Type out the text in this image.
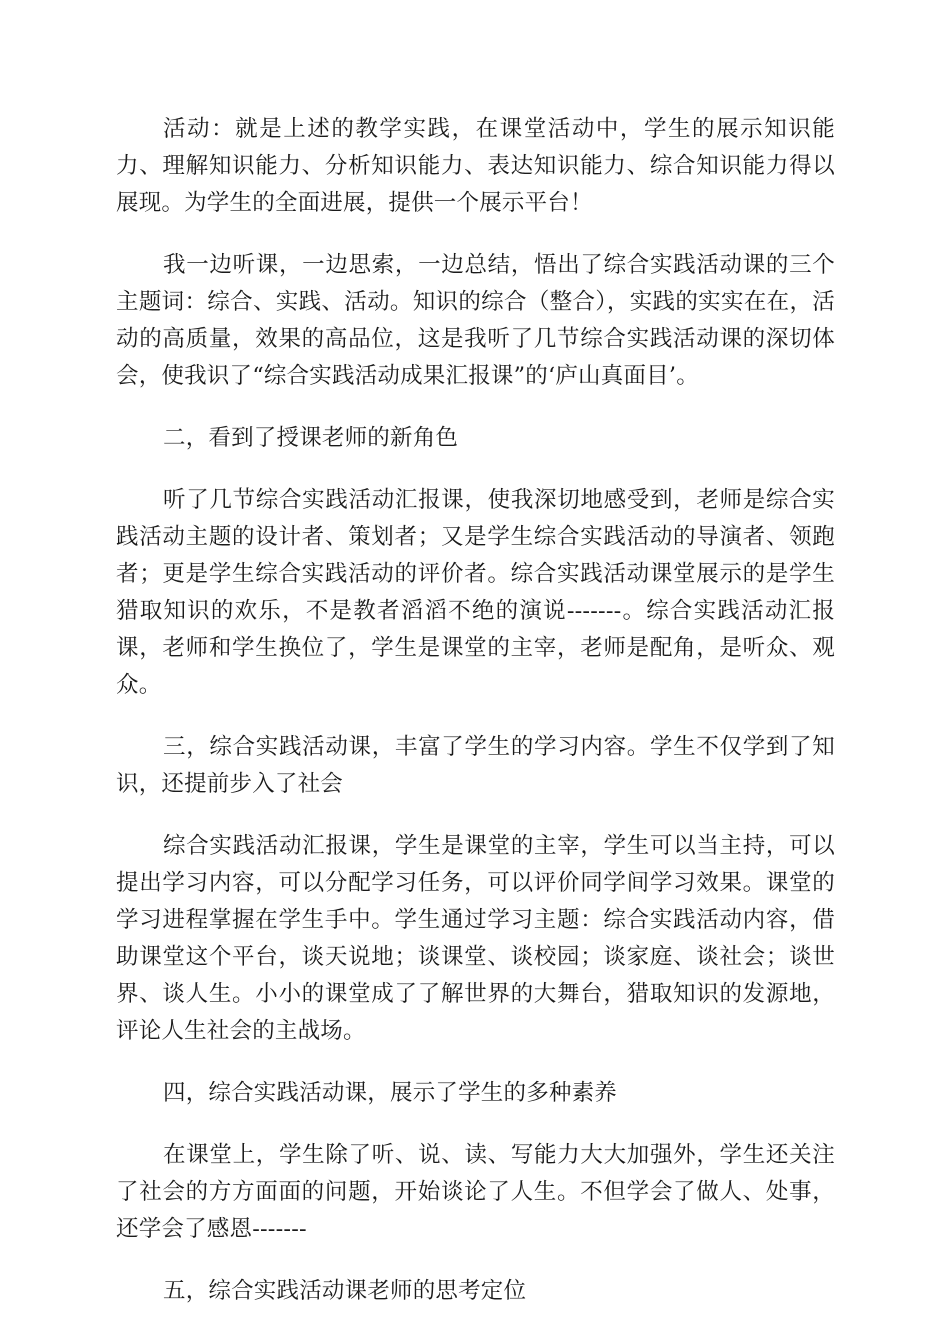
活动：就是上述的教学实践，在课堂活动中，学生的展示知识能力、理解知识能力、分析知识能力、表达知识能力、综合知识能力得以展现。为学生的全面进展，提供一个展示平台！

我一边听课，一边思索，一边总结，悟出了综合实践活动课的三个主题词：综合、实践、活动。知识的综合（整合），实践的实实在在，活动的高质量，效果的高品位，这是我听了几节综合实践活动课的深切体会，使我识了“综合实践活动成果汇报课”的‘庐山真面目’。

二，看到了授课老师的新角色

听了几节综合实践活动汇报课，使我深切地感受到，老师是综合实践活动主题的设计者、策划者；又是学生综合实践活动的导演者、领跑者；更是学生综合实践活动的评价者。综合实践活动课堂展示的是学生猎取知识的欢乐，不是教者滔滔不绝的演说-------。综合实践活动汇报课，老师和学生换位了，学生是课堂的主宰，老师是配角，是听众、观众。

三，综合实践活动课，丰富了学生的学习内容。学生不仅学到了知识，还提前步入了社会

综合实践活动汇报课，学生是课堂的主宰，学生可以当主持，可以提出学习内容，可以分配学习任务，可以评价同学间学习效果。课堂的学习进程掌握在学生手中。学生通过学习主题：综合实践活动内容，借助课堂这个平台，谈天说地；谈课堂、谈校园；谈家庭、谈社会；谈世界、谈人生。小小的课堂成了了解世界的大舞台，猎取知识的发源地，评论人生社会的主战场。

四，综合实践活动课，展示了学生的多种素养

在课堂上，学生除了听、说、读、写能力大大加强外，学生还关注了社会的方方面面的问题，开始谈论了人生。不但学会了做人、处事，还学会了感恩-------

五，综合实践活动课老师的思考定位
